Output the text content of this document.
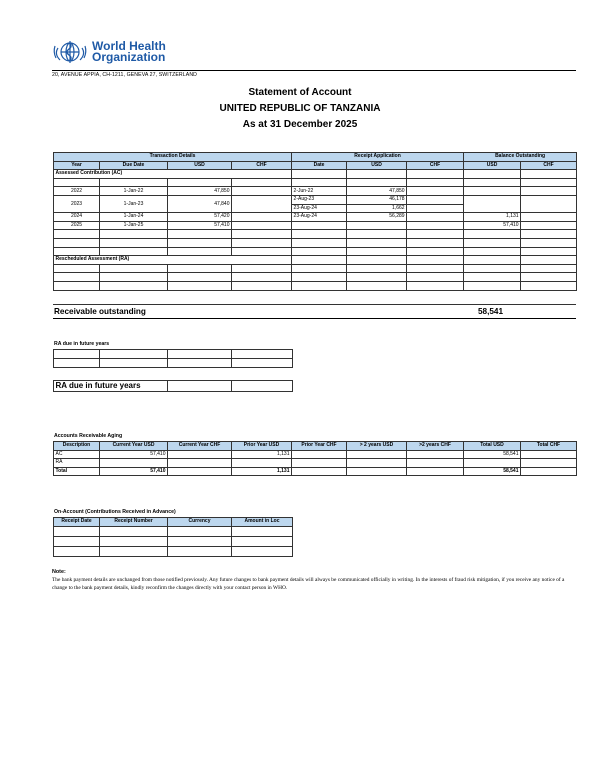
World Health
Organization
20, AVENUE APPIA, CH-1211, GENEVA 27, SWITZERLAND
Statement of Account
UNITED REPUBLIC OF TANZANIA
As at 31 December 2025
Transaction Details				Receipt Application			Balance Outstanding	
Year	Due Date	USD	CHF	Date	USD	CHF	USD	CHF
Assessed Contribution (AC)								

2022	1-Jan-22	47,850		2-Jun-22	47,850			
2023	1-Jan-23	47,840		2-Aug-23	46,178			
				23-Aug-24	1,662			
2024	1-Jan-24	57,420		23-Aug-24	56,289		1,131	
2025	1-Jan-25	57,410					57,410	

Rescheduled Assessment (RA)								

Receivable outstanding	58,541
RA due in future years

RA due in future years		
Accounts Receivable Aging
Description	Current Year USD	Current Year CHF	Prior Year USD	Prior Year CHF	> 2 years USD	>2 years CHF	Total USD	Total CHF
AC	57,410		1,131				58,541	
RA								
Total	57,410		1,131				58,541	
On-Account (Contributions Received in Advance)
Receipt Date	Receipt Number	Currency	Amount in Loc

Note:
The bank payment details are unchanged from those notified previously. Any future changes to bank payment details will always be communicated officially in writing. In the interests of fraud risk mitigation, if you receive any notice of a change to the bank payment details, kindly reconfirm the changes directly with your contact person in WHO.
